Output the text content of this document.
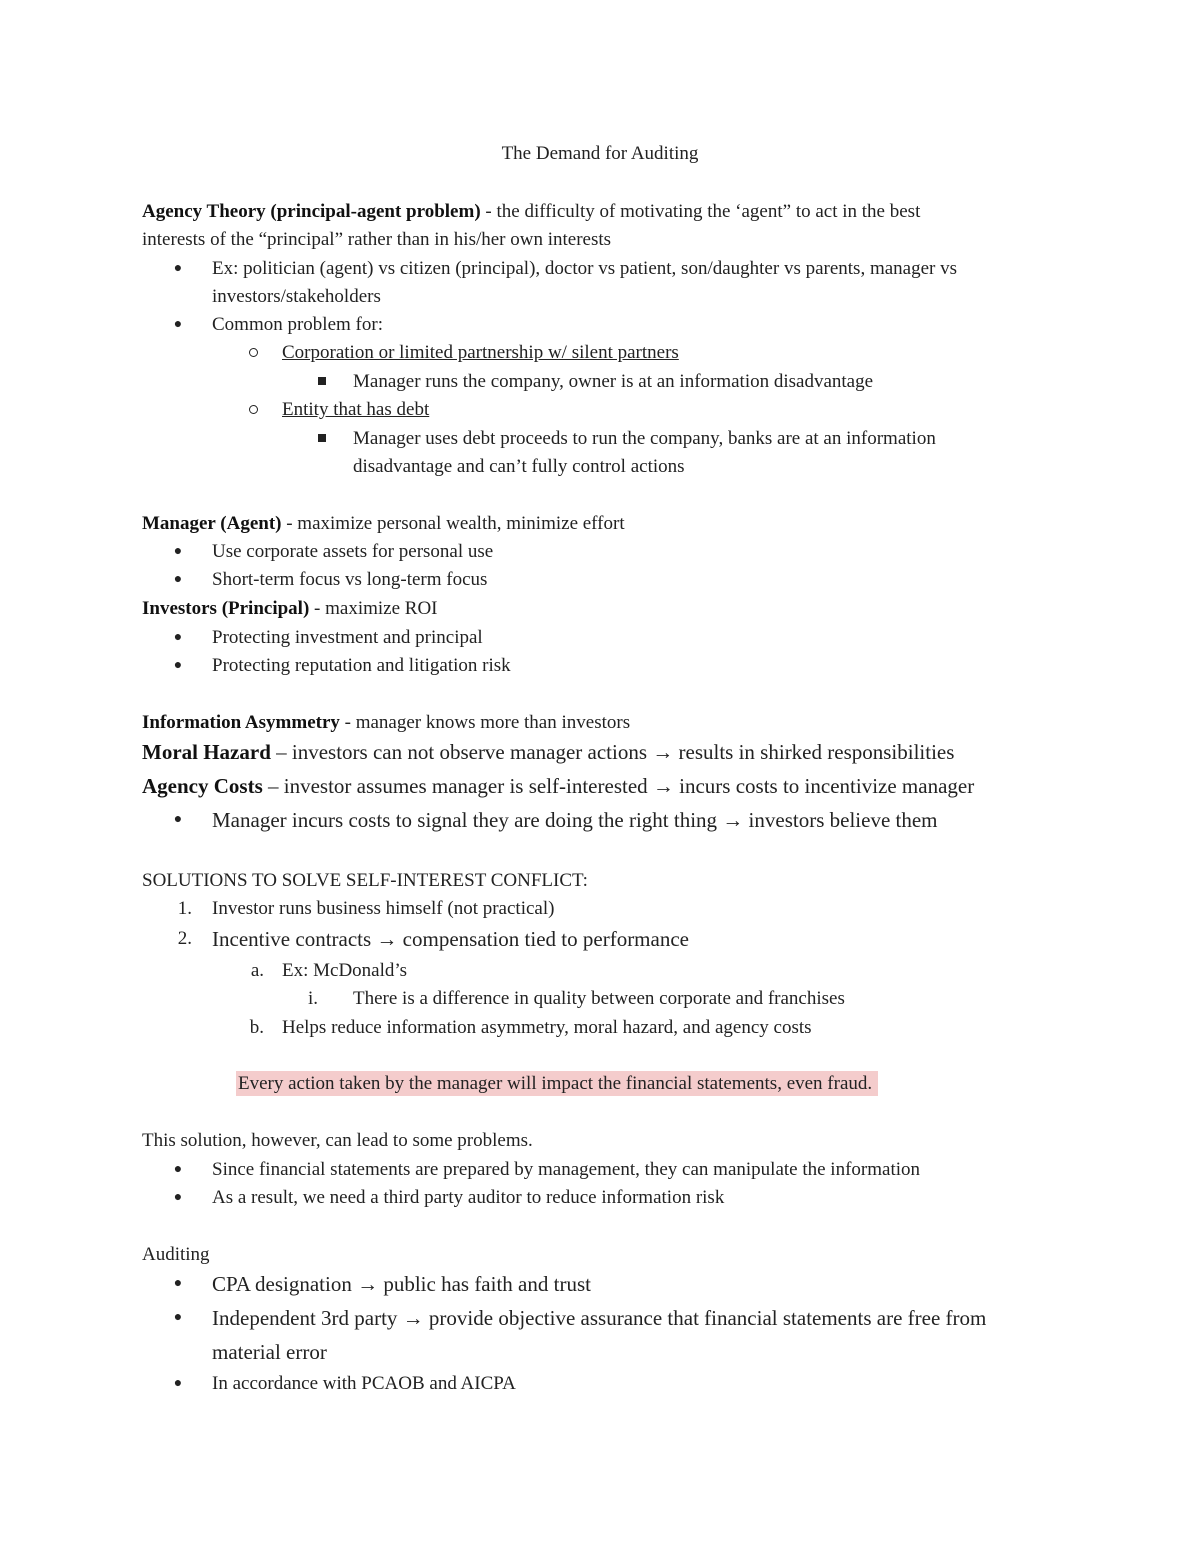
The Demand for Auditing
Agency Theory (principal-agent problem) - the difficulty of motivating the ‘agent” to act in the best
interests of the “principal” rather than in his/her own interests
● Ex: politician (agent) vs citizen (principal), doctor vs patient, son/daughter vs parents, manager vs
investors/stakeholders
● Common problem for:
Corporation or limited partnership w/ silent partners
Manager runs the company, owner is at an information disadvantage
Entity that has debt
Manager uses debt proceeds to run the company, banks are at an information
disadvantage and can’t fully control actions
Manager (Agent) - maximize personal wealth, minimize effort
● Use corporate assets for personal use
● Short-term focus vs long-term focus
Investors (Principal) - maximize ROI
● Protecting investment and principal
● Protecting reputation and litigation risk
Information Asymmetry - manager knows more than investors
Moral Hazard – investors can not observe manager actions → results in shirked responsibilities
Agency Costs – investor assumes manager is self-interested → incurs costs to incentivize manager
● Manager incurs costs to signal they are doing the right thing → investors believe them
SOLUTIONS TO SOLVE SELF-INTEREST CONFLICT:
1. Investor runs business himself (not practical)
2. Incentive contracts → compensation tied to performance
a. Ex: McDonald’s
i. There is a difference in quality between corporate and franchises
b. Helps reduce information asymmetry, moral hazard, and agency costs
Every action taken by the manager will impact the financial statements, even fraud.
This solution, however, can lead to some problems.
● Since financial statements are prepared by management, they can manipulate the information
● As a result, we need a third party auditor to reduce information risk
Auditing
● CPA designation → public has faith and trust
● Independent 3rd party → provide objective assurance that financial statements are free from
material error
● In accordance with PCAOB and AICPA
